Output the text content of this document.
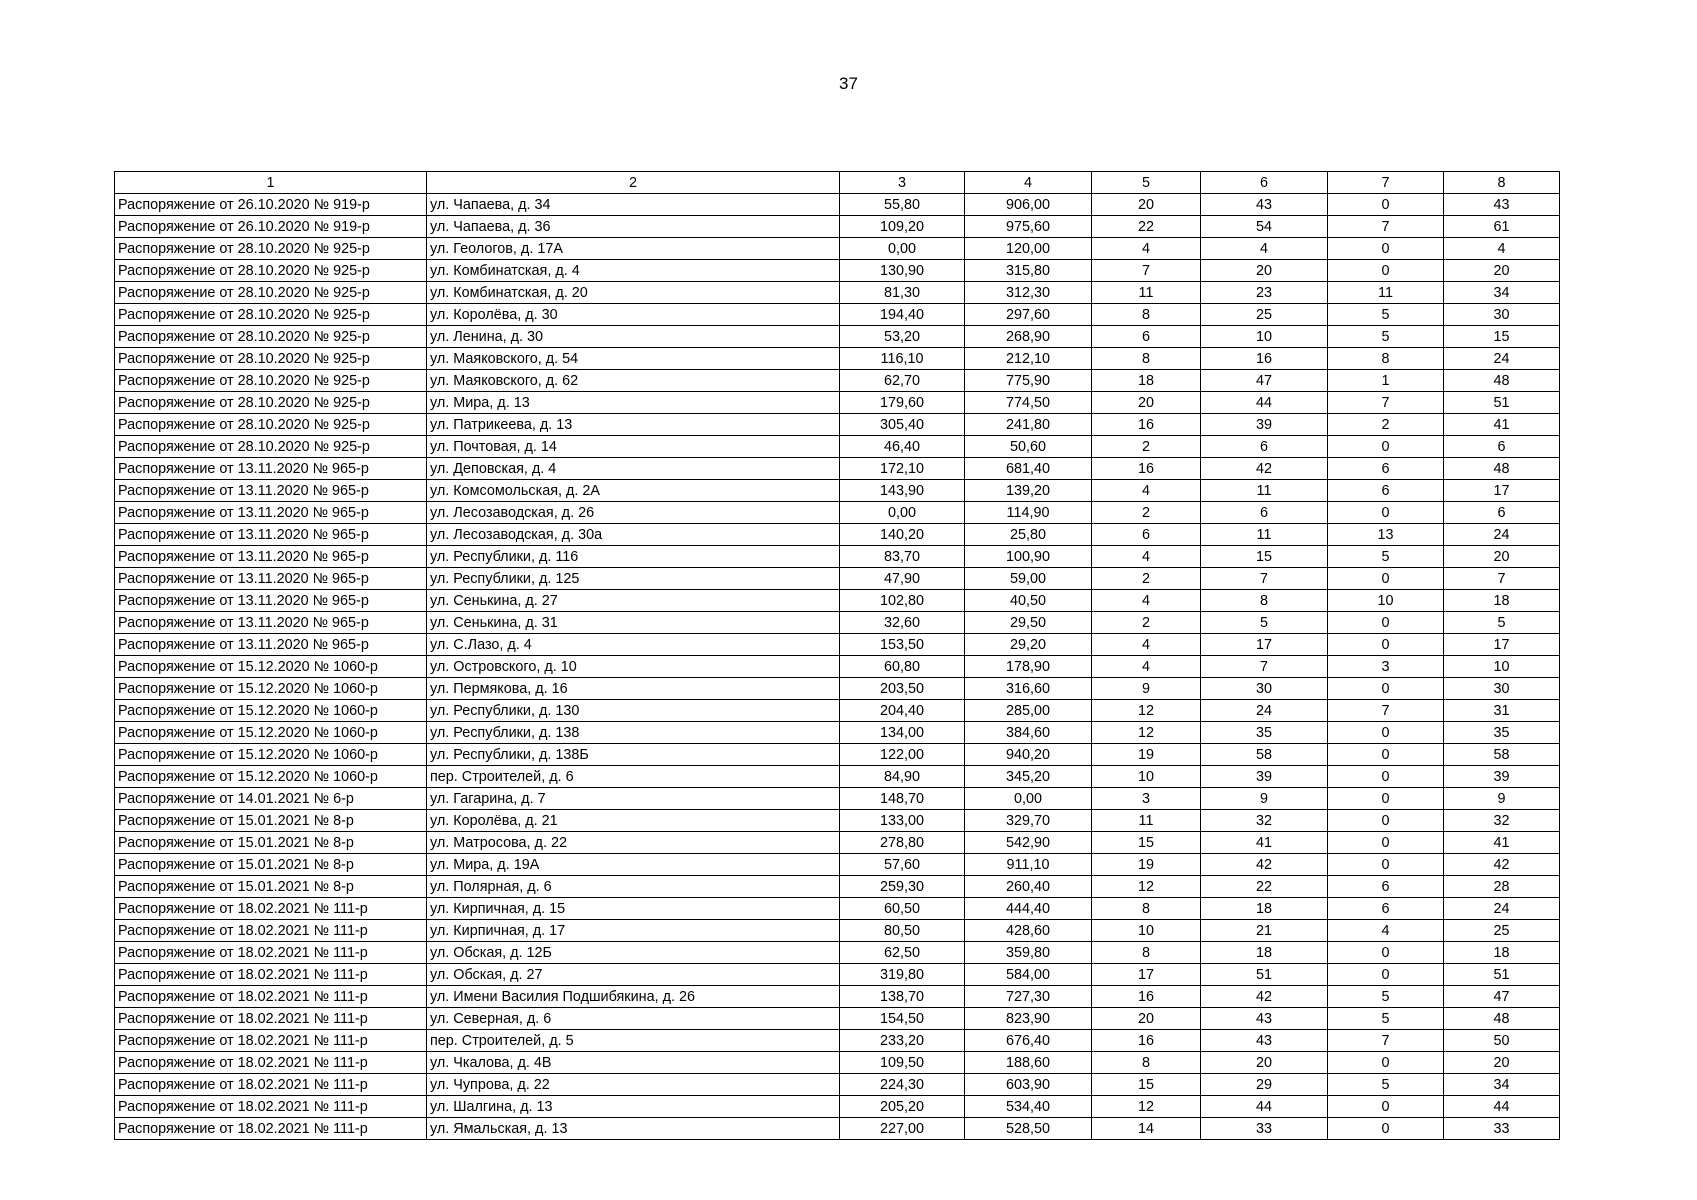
37
1	2	3	4	5	6	7	8
Распоряжение от 26.10.2020 № 919-р	ул. Чапаева, д. 34	55,80	906,00	20	43	0	43
Распоряжение от 26.10.2020 № 919-р	ул. Чапаева, д. 36	109,20	975,60	22	54	7	61
Распоряжение от 28.10.2020 № 925-р	ул. Геологов, д. 17А	0,00	120,00	4	4	0	4
Распоряжение от 28.10.2020 № 925-р	ул. Комбинатская, д. 4	130,90	315,80	7	20	0	20
Распоряжение от 28.10.2020 № 925-р	ул. Комбинатская, д. 20	81,30	312,30	11	23	11	34
Распоряжение от 28.10.2020 № 925-р	ул. Королёва, д. 30	194,40	297,60	8	25	5	30
Распоряжение от 28.10.2020 № 925-р	ул. Ленина, д. 30	53,20	268,90	6	10	5	15
Распоряжение от 28.10.2020 № 925-р	ул. Маяковского, д. 54	116,10	212,10	8	16	8	24
Распоряжение от 28.10.2020 № 925-р	ул. Маяковского, д. 62	62,70	775,90	18	47	1	48
Распоряжение от 28.10.2020 № 925-р	ул. Мира, д. 13	179,60	774,50	20	44	7	51
Распоряжение от 28.10.2020 № 925-р	ул. Патрикеева, д. 13	305,40	241,80	16	39	2	41
Распоряжение от 28.10.2020 № 925-р	ул. Почтовая, д. 14	46,40	50,60	2	6	0	6
Распоряжение от 13.11.2020 № 965-р	ул. Деповская, д. 4	172,10	681,40	16	42	6	48
Распоряжение от 13.11.2020 № 965-р	ул. Комсомольская, д. 2А	143,90	139,20	4	11	6	17
Распоряжение от 13.11.2020 № 965-р	ул. Лесозаводская, д. 26	0,00	114,90	2	6	0	6
Распоряжение от 13.11.2020 № 965-р	ул. Лесозаводская, д. 30а	140,20	25,80	6	11	13	24
Распоряжение от 13.11.2020 № 965-р	ул. Республики, д. 116	83,70	100,90	4	15	5	20
Распоряжение от 13.11.2020 № 965-р	ул. Республики, д. 125	47,90	59,00	2	7	0	7
Распоряжение от 13.11.2020 № 965-р	ул. Сенькина, д. 27	102,80	40,50	4	8	10	18
Распоряжение от 13.11.2020 № 965-р	ул. Сенькина, д. 31	32,60	29,50	2	5	0	5
Распоряжение от 13.11.2020 № 965-р	ул. С.Лазо, д. 4	153,50	29,20	4	17	0	17
Распоряжение от 15.12.2020 № 1060-р	ул. Островского, д. 10	60,80	178,90	4	7	3	10
Распоряжение от 15.12.2020 № 1060-р	ул. Пермякова, д. 16	203,50	316,60	9	30	0	30
Распоряжение от 15.12.2020 № 1060-р	ул. Республики, д. 130	204,40	285,00	12	24	7	31
Распоряжение от 15.12.2020 № 1060-р	ул. Республики, д. 138	134,00	384,60	12	35	0	35
Распоряжение от 15.12.2020 № 1060-р	ул. Республики, д. 138Б	122,00	940,20	19	58	0	58
Распоряжение от 15.12.2020 № 1060-р	пер. Строителей, д. 6	84,90	345,20	10	39	0	39
Распоряжение от 14.01.2021 № 6-р	ул. Гагарина, д. 7	148,70	0,00	3	9	0	9
Распоряжение от 15.01.2021 № 8-р	ул. Королёва, д. 21	133,00	329,70	11	32	0	32
Распоряжение от 15.01.2021 № 8-р	ул. Матросова, д. 22	278,80	542,90	15	41	0	41
Распоряжение от 15.01.2021 № 8-р	ул. Мира, д. 19А	57,60	911,10	19	42	0	42
Распоряжение от 15.01.2021 № 8-р	ул. Полярная, д. 6	259,30	260,40	12	22	6	28
Распоряжение от 18.02.2021 № 111-р	ул. Кирпичная, д. 15	60,50	444,40	8	18	6	24
Распоряжение от 18.02.2021 № 111-р	ул. Кирпичная, д. 17	80,50	428,60	10	21	4	25
Распоряжение от 18.02.2021 № 111-р	ул. Обская, д. 12Б	62,50	359,80	8	18	0	18
Распоряжение от 18.02.2021 № 111-р	ул. Обская, д. 27	319,80	584,00	17	51	0	51
Распоряжение от 18.02.2021 № 111-р	ул. Имени Василия Подшибякина, д. 26	138,70	727,30	16	42	5	47
Распоряжение от 18.02.2021 № 111-р	ул. Северная, д. 6	154,50	823,90	20	43	5	48
Распоряжение от 18.02.2021 № 111-р	пер. Строителей, д. 5	233,20	676,40	16	43	7	50
Распоряжение от 18.02.2021 № 111-р	ул. Чкалова, д. 4В	109,50	188,60	8	20	0	20
Распоряжение от 18.02.2021 № 111-р	ул. Чупрова, д. 22	224,30	603,90	15	29	5	34
Распоряжение от 18.02.2021 № 111-р	ул. Шалгина, д. 13	205,20	534,40	12	44	0	44
Распоряжение от 18.02.2021 № 111-р	ул. Ямальская, д. 13	227,00	528,50	14	33	0	33
